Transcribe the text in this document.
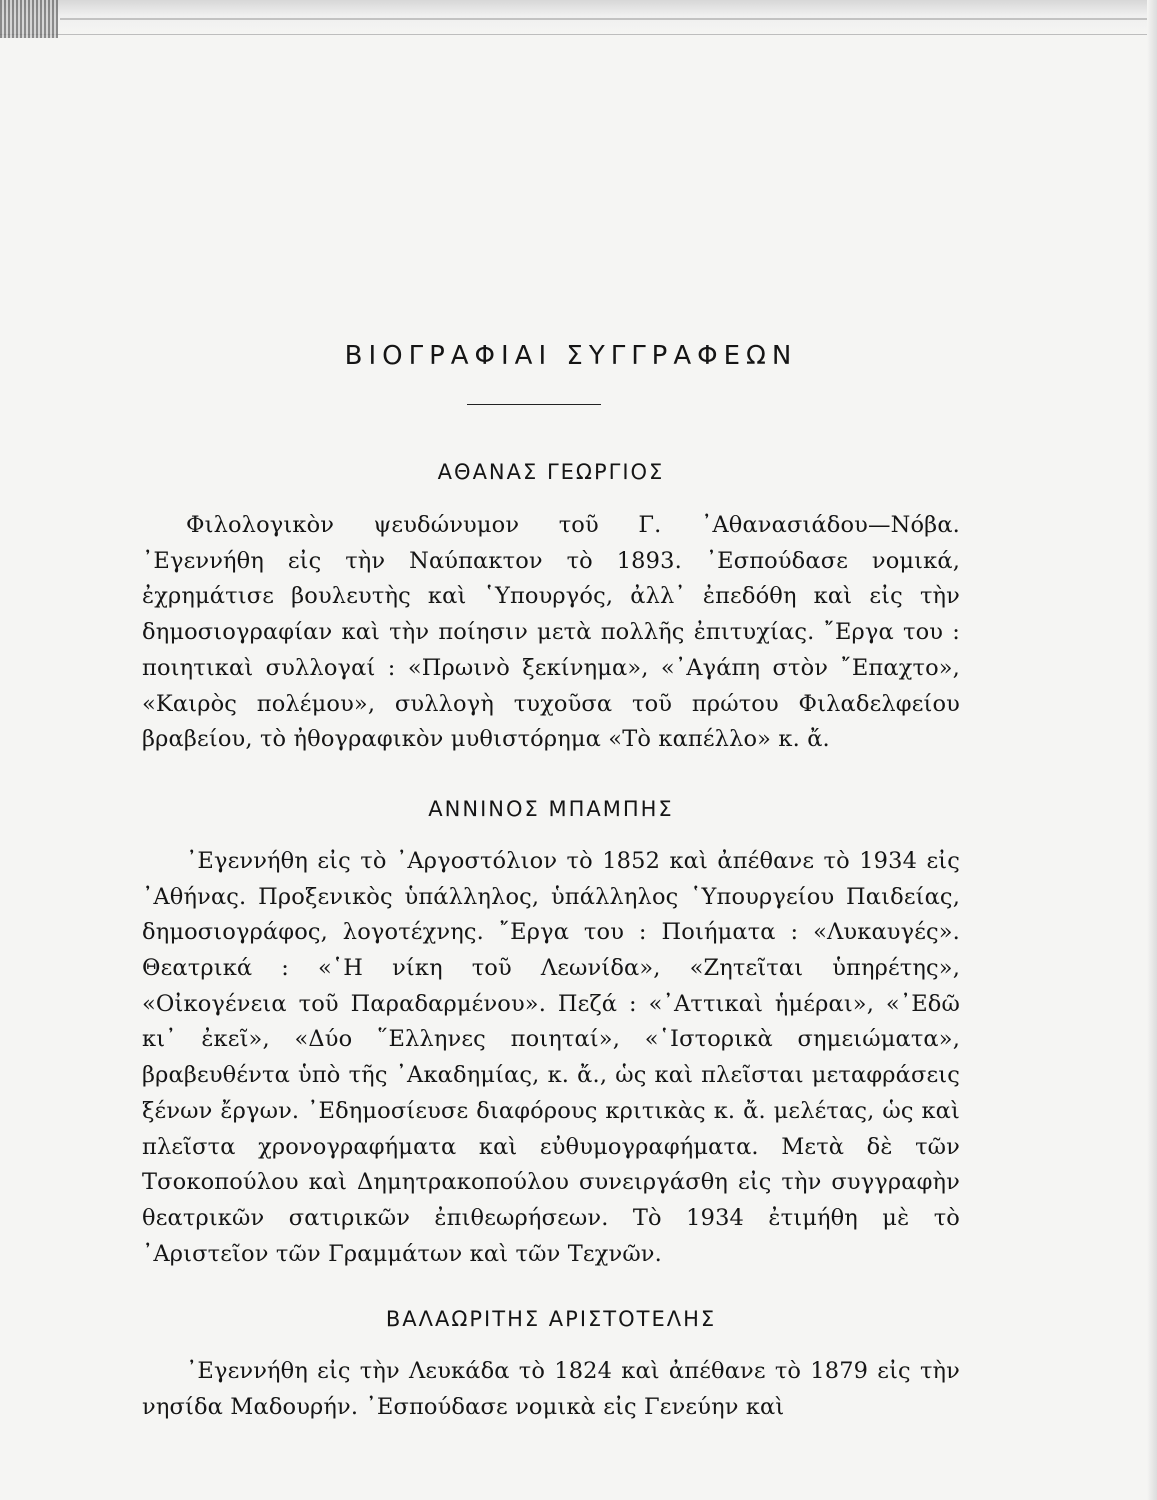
ΒΙΟΓΡΑΦΙΑΙ ΣΥΓΓΡΑΦΕΩΝ
ΑΘΑΝΑΣ ΓΕΩΡΓΙΟΣ

Φιλολογικὸν ψευδώνυμον τοῦ Γ. ᾿Αθανασιάδου—Νόβα. ᾿Εγεννήθη εἰς τὴν Ναύπακτον τὸ 1893. ᾿Εσπούδασε νομικά, ἐχρημάτισε βουλευτὴς καὶ ῾Υπουργός, ἀλλ᾿ ἐπεδόθη καὶ εἰς τὴν δημοσιογραφίαν καὶ τὴν ποίησιν μετὰ πολλῆς ἐπιτυχίας. ῎Εργα του : ποιητικαὶ συλλογαί : «Πρωινὸ ξεκίνημα», «᾿Αγάπη στὸν ῎Επαχτο», «Καιρὸς πολέμου», συλλογὴ τυχοῦσα τοῦ πρώτου Φιλαδελφείου βραβείου, τὸ ἠθογραφικὸν μυθιστόρημα «Τὸ καπέλλο» κ. ἄ.

ΑΝΝΙΝΟΣ ΜΠΑΜΠΗΣ

᾿Εγεννήθη εἰς τὸ ᾿Αργοστόλιον τὸ 1852 καὶ ἀπέθανε τὸ 1934 εἰς ᾿Αθήνας. Προξενικὸς ὑπάλληλος, ὑπάλληλος ῾Υπουργείου Παιδείας, δημοσιογράφος, λογοτέχνης. ῎Εργα του : Ποιήματα : «Λυκαυγές». Θεατρικά : «῾Η νίκη τοῦ Λεωνίδα», «Ζητεῖται ὑπηρέτης», «Οἰκογένεια τοῦ Παραδαρμένου». Πεζά : «᾿Αττικαὶ ἡμέραι», «᾿Εδῶ κι᾿ ἐκεῖ», «Δύο ῞Ελληνες ποιηταί», «῾Ιστορικὰ σημειώματα», βραβευθέντα ὑπὸ τῆς ᾿Ακαδημίας, κ. ἄ., ὡς καὶ πλεῖσται μεταφράσεις ξένων ἔργων. ᾿Εδημοσίευσε διαφόρους κριτικὰς κ. ἄ. μελέτας, ὡς καὶ πλεῖστα χρονογραφήματα καὶ εὐθυμογραφήματα. Μετὰ δὲ τῶν Τσοκοπούλου καὶ Δημητρακοπούλου συνειργάσθη εἰς τὴν συγγραφὴν θεατρικῶν σατιρικῶν ἐπιθεωρήσεων. Τὸ 1934 ἐτιμήθη μὲ τὸ ᾿Αριστεῖον τῶν Γραμμάτων καὶ τῶν Τεχνῶν.

ΒΑΛΑΩΡΙΤΗΣ ΑΡΙΣΤΟΤΕΛΗΣ

᾿Εγεννήθη εἰς τὴν Λευκάδα τὸ 1824 καὶ ἀπέθανε τὸ 1879 εἰς τὴν νησίδα Μαδουρήν. ᾿Εσπούδασε νομικὰ εἰς Γενεύην καὶ
